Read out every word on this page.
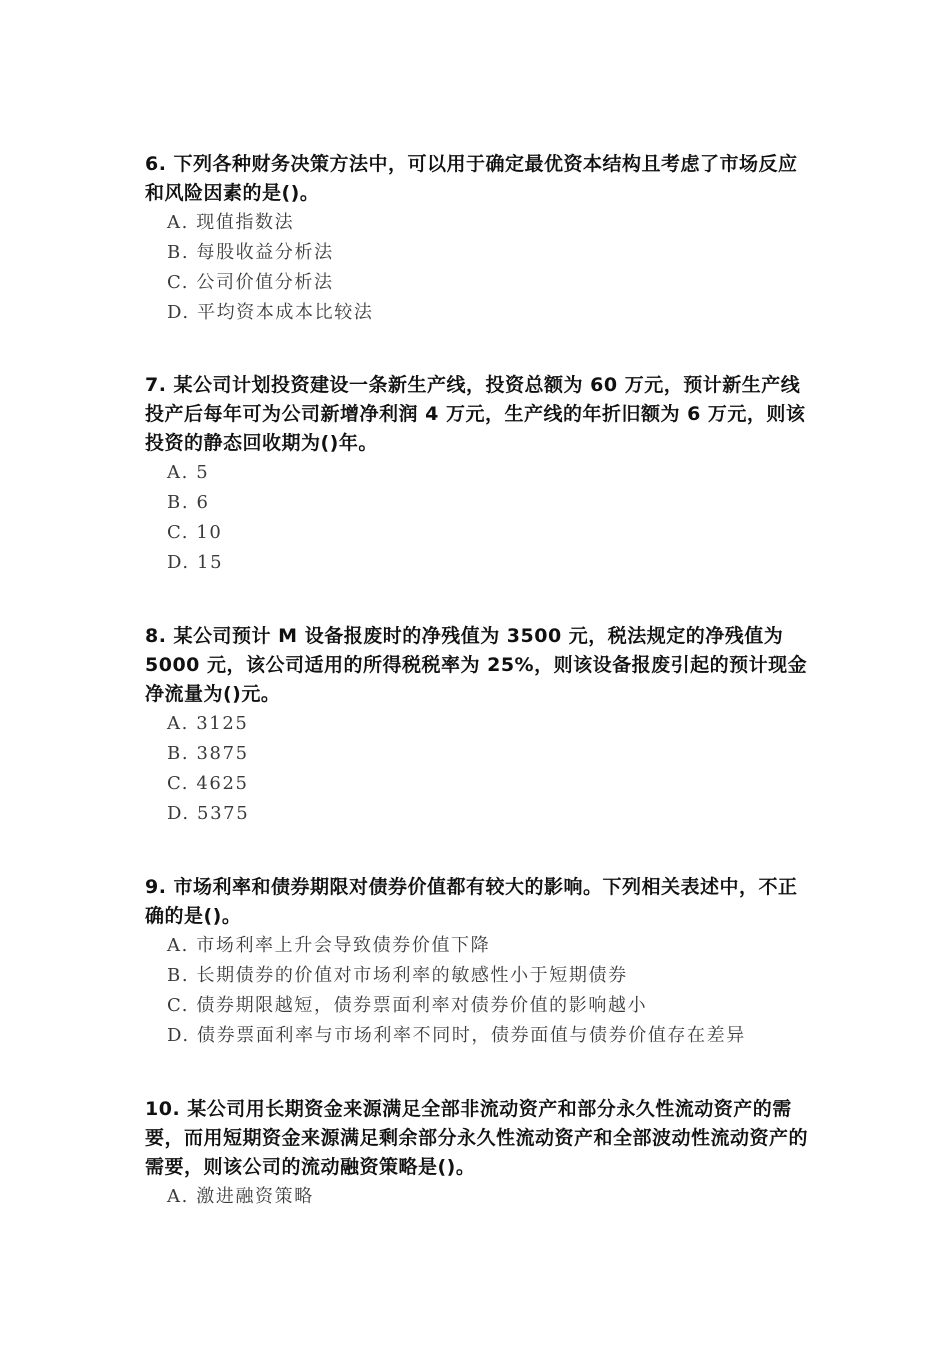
6. 下列各种财务决策方法中，可以用于确定最优资本结构且考虑了市场反应和风险因素的是()。

A. 现值指数法
B. 每股收益分析法
C. 公司价值分析法
D. 平均资本成本比较法

7. 某公司计划投资建设一条新生产线，投资总额为 60 万元，预计新生产线投产后每年可为公司新增净利润 4 万元，生产线的年折旧额为 6 万元，则该投资的静态回收期为()年。

A. 5
B. 6
C. 10
D. 15

8. 某公司预计 M 设备报废时的净残值为 3500 元，税法规定的净残值为 5000 元，该公司适用的所得税税率为 25%，则该设备报废引起的预计现金净流量为()元。

A. 3125
B. 3875
C. 4625
D. 5375

9. 市场利率和债券期限对债券价值都有较大的影响。下列相关表述中，不正确的是()。

A. 市场利率上升会导致债券价值下降
B. 长期债券的价值对市场利率的敏感性小于短期债券
C. 债券期限越短，债券票面利率对债券价值的影响越小
D. 债券票面利率与市场利率不同时，债券面值与债券价值存在差异

10. 某公司用长期资金来源满足全部非流动资产和部分永久性流动资产的需要，而用短期资金来源满足剩余部分永久性流动资产和全部波动性流动资产的需要，则该公司的流动融资策略是()。

A. 激进融资策略
